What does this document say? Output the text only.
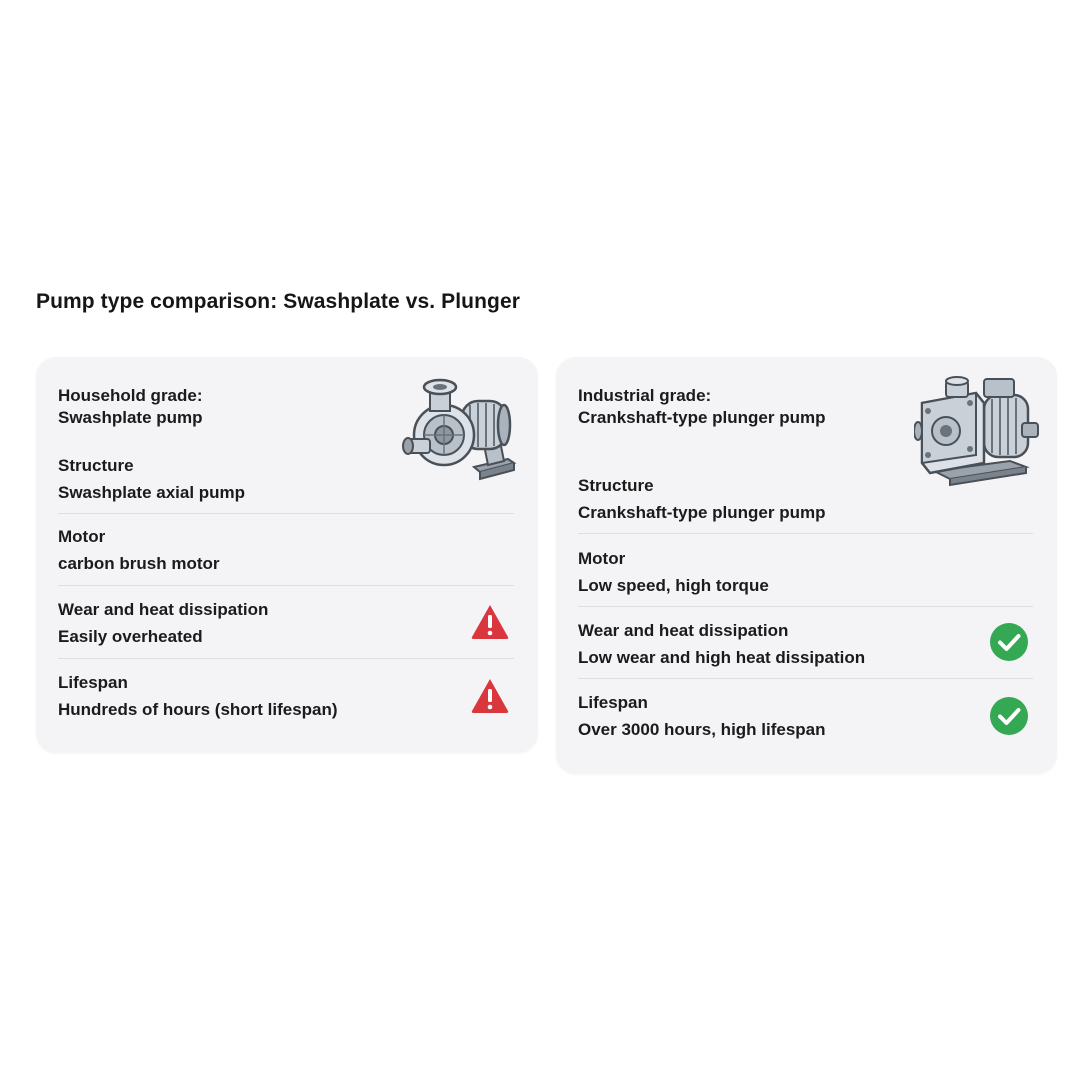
Pump type comparison: Swashplate vs. Plunger
Household grade:
Swashplate pump
Structure
Swashplate axial pump
Motor
carbon brush motor
Wear and heat dissipation
Easily overheated
Lifespan
Hundreds of hours (short lifespan)
Industrial grade:
Crankshaft-type plunger pump
Structure
Crankshaft-type plunger pump
Motor
Low speed, high torque
Wear and heat dissipation
Low wear and high heat dissipation
Lifespan
Over 3000 hours, high lifespan
